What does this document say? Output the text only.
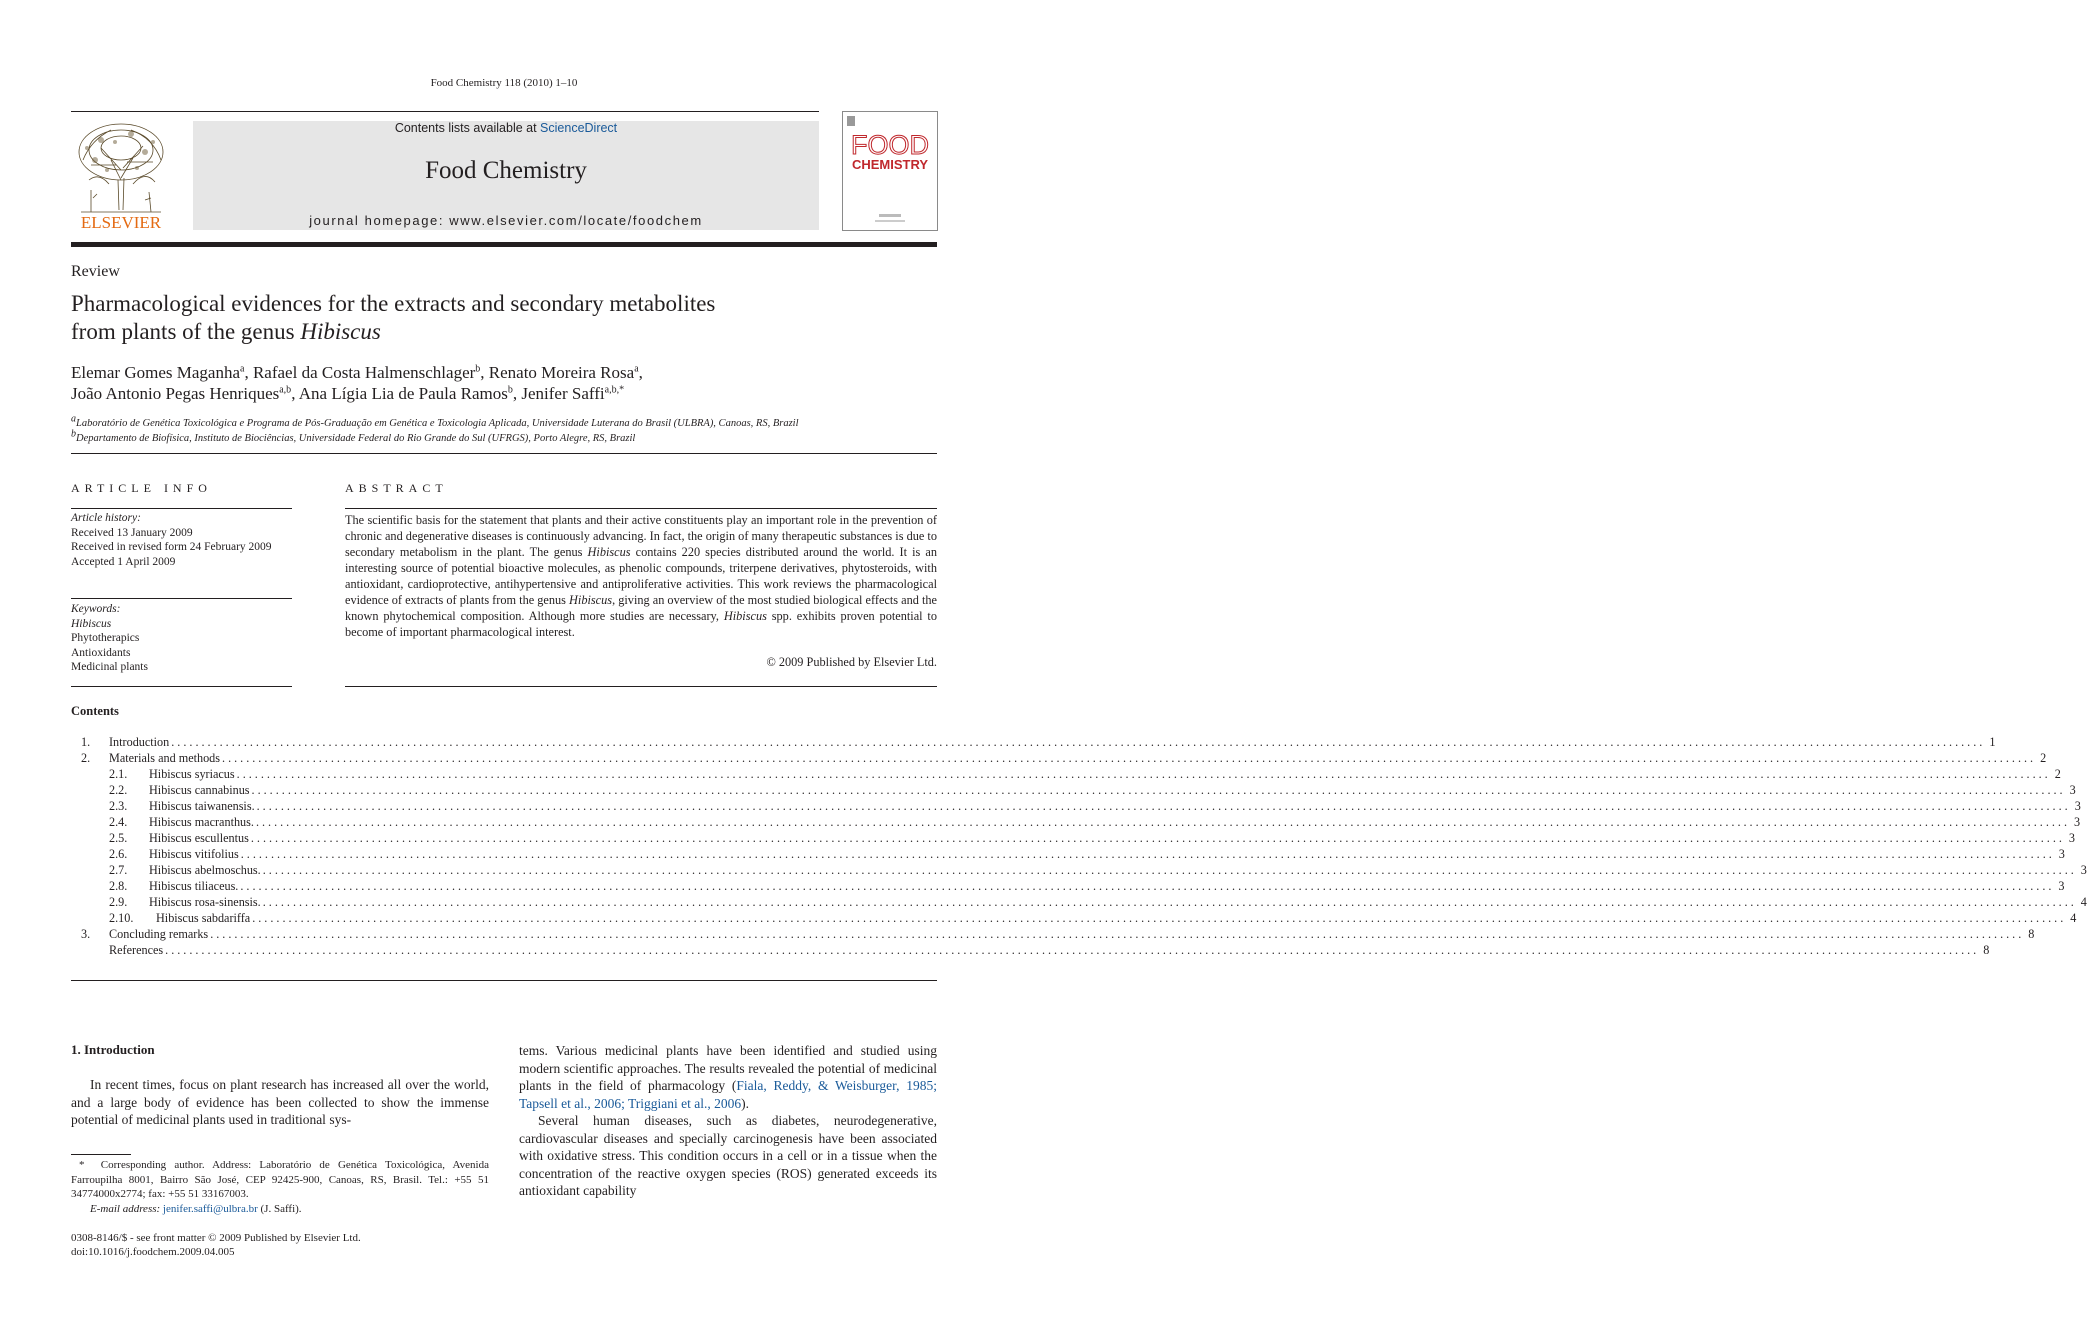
Food Chemistry 118 (2010) 1–10
ELSEVIER
Contents lists available at ScienceDirect
Food Chemistry
journal homepage: www.elsevier.com/locate/foodchem
FOOD
CHEMISTRY
Review
Pharmacological evidences for the extracts and secondary metabolites
from plants of the genus Hibiscus
Elemar Gomes Maganha$^a$, Rafael da Costa Halmenschlager$^b$, Renato Moreira Rosa$^a$,
João Antonio Pegas Henriques$^{a,b}$, Ana Lígia Lia de Paula Ramos$^b$, Jenifer Saffi$^{a,b,*}$
$^a$Laboratório de Genética Toxicológica e Programa de Pós-Graduação em Genética e Toxicologia Aplicada, Universidade Luterana do Brasil (ULBRA), Canoas, RS, Brazil
$^b$Departamento de Biofísica, Instituto de Biociências, Universidade Federal do Rio Grande do Sul (UFRGS), Porto Alegre, RS, Brazil
ARTICLE INFO
Article history:
Received 13 January 2009
Received in revised form 24 February 2009
Accepted 1 April 2009
Keywords:
Hibiscus
Phytotherapics
Antioxidants
Medicinal plants
ABSTRACT
The scientific basis for the statement that plants and their active constituents play an important role in the prevention of chronic and degenerative diseases is continuously advancing. In fact, the origin of many therapeutic substances is due to secondary metabolism in the plant. The genus Hibiscus contains 220 species distributed around the world. It is an interesting source of potential bioactive molecules, as phenolic compounds, triterpene derivatives, phytosteroids, with antioxidant, cardioprotective, antihypertensive and antiproliferative activities. This work reviews the pharmacological evidence of extracts of plants from the genus Hibiscus, giving an overview of the most studied biological effects and the known phytochemical composition. Although more studies are necessary, Hibiscus spp. exhibits proven potential to become of important pharmacological interest.
© 2009 Published by Elsevier Ltd.
Contents
1. Introduction ............................................................................................................................................................................................................................................................................................................ 1
2. Materials and methods ............................................................................................................................................................................................................................................................................................................ 2
2.1. Hibiscus syriacus ............................................................................................................................................................................................................................................................................................................ 2
2.2. Hibiscus cannabinus ............................................................................................................................................................................................................................................................................................................ 3
2.3. Hibiscus taiwanensis. ............................................................................................................................................................................................................................................................................................................ 3
2.4. Hibiscus macranthus. ............................................................................................................................................................................................................................................................................................................ 3
2.5. Hibiscus escullentus ............................................................................................................................................................................................................................................................................................................ 3
2.6. Hibiscus vitifolius ............................................................................................................................................................................................................................................................................................................ 3
2.7. Hibiscus abelmoschus. ............................................................................................................................................................................................................................................................................................................ 3
2.8. Hibiscus tiliaceus. ............................................................................................................................................................................................................................................................................................................ 3
2.9. Hibiscus rosa-sinensis. ............................................................................................................................................................................................................................................................................................................ 4
2.10. Hibiscus sabdariffa ............................................................................................................................................................................................................................................................................................................ 4
3. Concluding remarks ............................................................................................................................................................................................................................................................................................................ 8
References ............................................................................................................................................................................................................................................................................................................ 8
1. Introduction
In recent times, focus on plant research has increased all over the world, and a large body of evidence has been collected to show the immense potential of medicinal plants used in traditional sys-

tems. Various medicinal plants have been identified and studied using modern scientific approaches. The results revealed the potential of medicinal plants in the field of pharmacology (Fiala, Reddy, & Weisburger, 1985; Tapsell et al., 2006; Triggiani et al., 2006).

Several human diseases, such as diabetes, neurodegenerative, cardiovascular diseases and specially carcinogenesis have been associated with oxidative stress. This condition occurs in a cell or in a tissue when the concentration of the reactive oxygen species (ROS) generated exceeds its antioxidant capability

* Corresponding author. Address: Laboratório de Genética Toxicológica, Avenida Farroupilha 8001, Bairro São José, CEP 92425-900, Canoas, RS, Brasil. Tel.: +55 51 34774000x2774; fax: +55 51 33167003.
E-mail address: jenifer.saffi@ulbra.br (J. Saffi).
0308-8146/$ - see front matter © 2009 Published by Elsevier Ltd.
doi:10.1016/j.foodchem.2009.04.005
